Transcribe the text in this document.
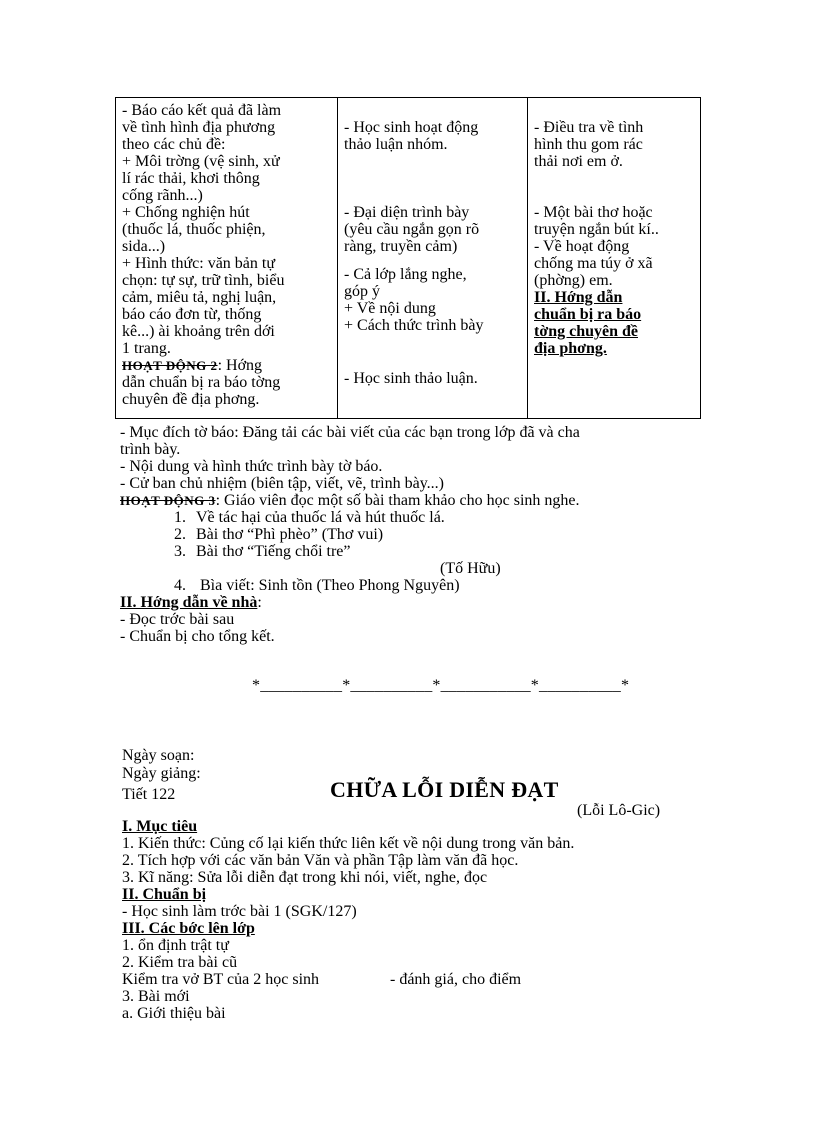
- Báo cáo kết quả đã làm
về tình hình địa phương
theo các chủ đề:
+ Môi trờng (vệ sinh, xử
lí rác thải, khơi thông
cống rãnh...)
+ Chống nghiện hút
(thuốc lá, thuốc phiện,
sida...)
+ Hình thức: văn bản tự
chọn: tự sự, trữ tình, biểu
cảm, miêu tả, nghị luận,
báo cáo đơn từ, thống
kê...) ài khoảng trên dới
1 trang.
HOẠT ĐỘNG 2: Hớng
dẫn chuẩn bị ra báo tờng
chuyên đề địa phơng.

- Học sinh hoạt động
thảo luận nhóm.
- Đại diện trình bày
(yêu cầu ngắn gọn rõ
ràng, truyền cảm)
- Cả lớp lắng nghe,
góp ý
+ Về nội dung
+ Cách thức trình bày
- Học sinh thảo luận.

- Điều tra về tình
hình thu gom rác
thải nơi em ở.
- Một bài thơ hoặc
truyện ngắn bút kí..
- Về hoạt động
chống ma túy ở xã
(phờng) em.
II. Hớng dẫn
chuẩn bị ra báo
tờng chuyên đề
địa phơng.
- Mục đích tờ báo: Đăng tải các bài viết của các bạn trong lớp đã và cha
trình bày.
- Nội dung và hình thức trình bày tờ báo.
- Cử ban chủ nhiệm (biên tập, viết, vẽ, trình bày...)
HOẠT ĐỘNG 3: Giáo viên đọc một số bài tham khảo cho học sinh nghe.
1. Về tác hại của thuốc lá và hút thuốc lá.
2. Bài thơ “Phì phèo” (Thơ vui)
3. Bài thơ “Tiếng chổi tre”
(Tố Hữu)
4. Bìa viết: Sinh tồn (Theo Phong Nguyên)
II. Hớng dẫn về nhà:
- Đọc trớc bài sau
- Chuẩn bị cho tổng kết.
*__________*__________*___________*__________*
Ngày soạn:
Ngày giảng:
Tiết 122	CHỮA LỖI DIỄN ĐẠT
(Lỗi Lô-Gic)
I. Mục tiêu
1. Kiến thức: Củng cố lại kiến thức liên kết về nội dung trong văn bản.
2. Tích hợp với các văn bản Văn và phần Tập làm văn đã học.
3. Kĩ năng: Sửa lỗi diễn đạt trong khi nói, viết, nghe, đọc
II. Chuẩn bị
- Học sinh làm trớc bài 1 (SGK/127)
III. Các bớc lên lớp
1. ổn định trật tự
2. Kiểm tra bài cũ
Kiểm tra vở BT của 2 học sinh	- đánh giá, cho điểm
3. Bài mới
a. Giới thiệu bài
